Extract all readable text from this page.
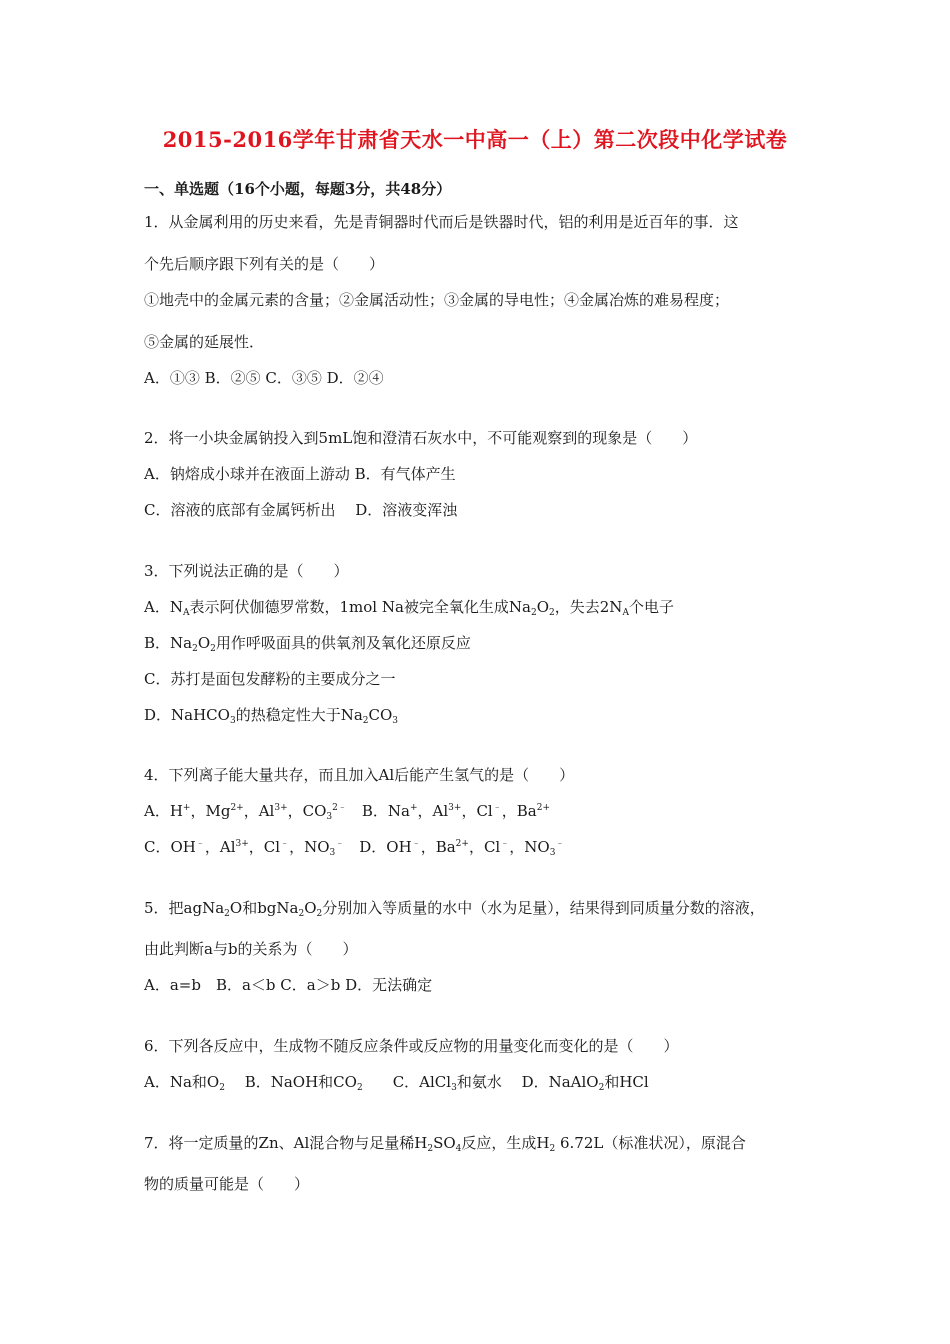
2015-2016学年甘肃省天水一中高一（上）第二次段中化学试卷
一、单选题（16个小题，每题3分，共48分）
1．从金属利用的历史来看，先是青铜器时代而后是铁器时代，铝的利用是近百年的事．这
个先后顺序跟下列有关的是（　　）
①地壳中的金属元素的含量；②金属活动性；③金属的导电性；④金属冶炼的难易程度；
⑤金属的延展性．
A．①③ B．②⑤ C．③⑤ D．②④
2．将一小块金属钠投入到5mL饱和澄清石灰水中，不可能观察到的现象是（　　）
A．钠熔成小球并在液面上游动 B．有气体产生
C．溶液的底部有金属钙析出　 D．溶液变浑浊
3．下列说法正确的是（　　）
A．$N_A$表示阿伏伽德罗常数，1mol Na被完全氧化生成$Na_2O_2$，失去$2N_A$个电子
B．$Na_2O_2$用作呼吸面具的供氧剂及氧化还原反应
C．苏打是面包发酵粉的主要成分之一
D．NaHCO$_3$的热稳定性大于$Na_2CO_3$
4．下列离子能大量共存，而且加入Al后能产生氢气的是（　　）
A．H+，$Mg^{2+}$，$Al^{3+}$，$CO_3^{2﹣}$　B．Na+，$Al^{3+}$，Cl﹣，$Ba^{2+}$
C．OH﹣，$Al^{3+}$，Cl﹣，$NO_3^﹣$　D．OH﹣，$Ba^{2+}$，Cl﹣，$NO_3^﹣$
5．把agNa$_2$O和$bgNa_2O_2$分别加入等质量的水中（水为足量），结果得到同质量分数的溶液，
由此判断a与b的关系为（　　）
A．a=b　B．a＜b C．a＞b D．无法确定
6．下列各反应中，生成物不随反应条件或反应物的用量变化而变化的是（　　）
A．Na和$O_2$　 B．NaOH和$CO_2$　　C．AlCl$_3$和氨水　 D．NaAlO$_2$和HCl
7．将一定质量的Zn、Al混合物与足量稀$H_2SO_4$反应，生成$H_2$ 6.72L（标准状况），原混合
物的质量可能是（　　）
